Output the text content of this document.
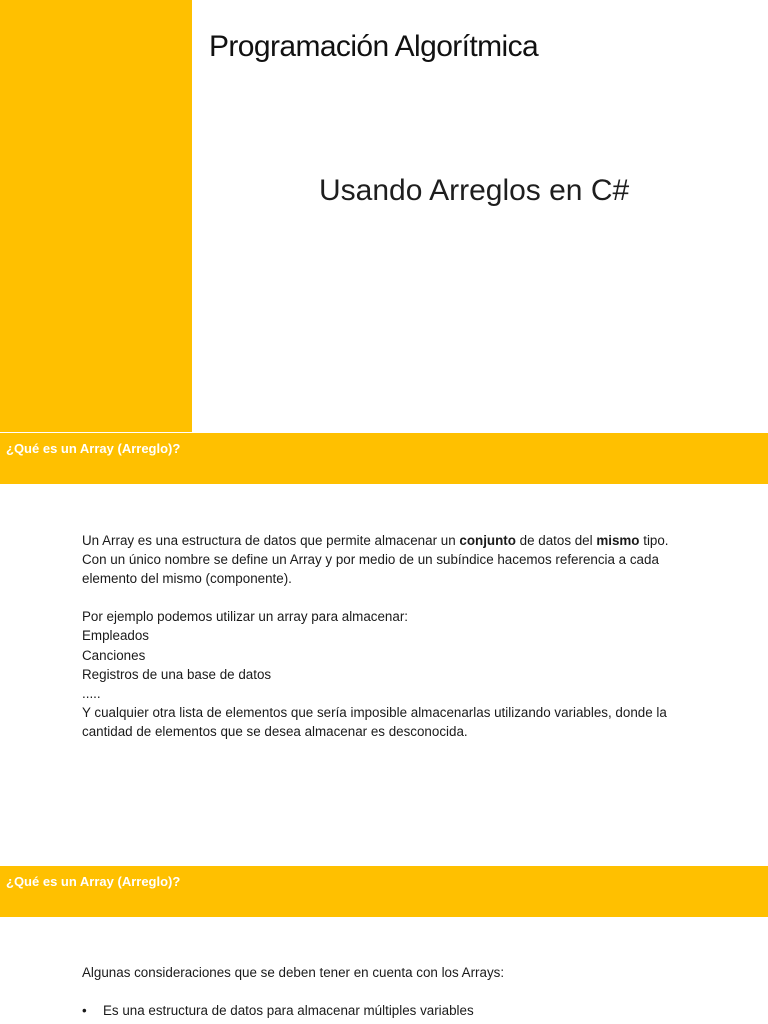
Programación Algorítmica
Usando Arreglos en C#
¿Qué es un Array (Arreglo)?

Un Array es una estructura de datos que permite almacenar un conjunto de datos del mismo tipo.

Con un único nombre se define un Array y por medio de un subíndice hacemos referencia a cada elemento del mismo (componente).

Por ejemplo podemos utilizar un array para almacenar:

Empleados

Canciones

Registros de una base de datos

.....

Y cualquier otra lista de elementos que sería imposible almacenarlas utilizando variables, donde la cantidad de elementos que se desea almacenar es desconocida.

¿Qué es un Array (Arreglo)?

Algunas consideraciones que se deben tener en cuenta con los Arrays:

• Es una estructura de datos para almacenar múltiples variables
